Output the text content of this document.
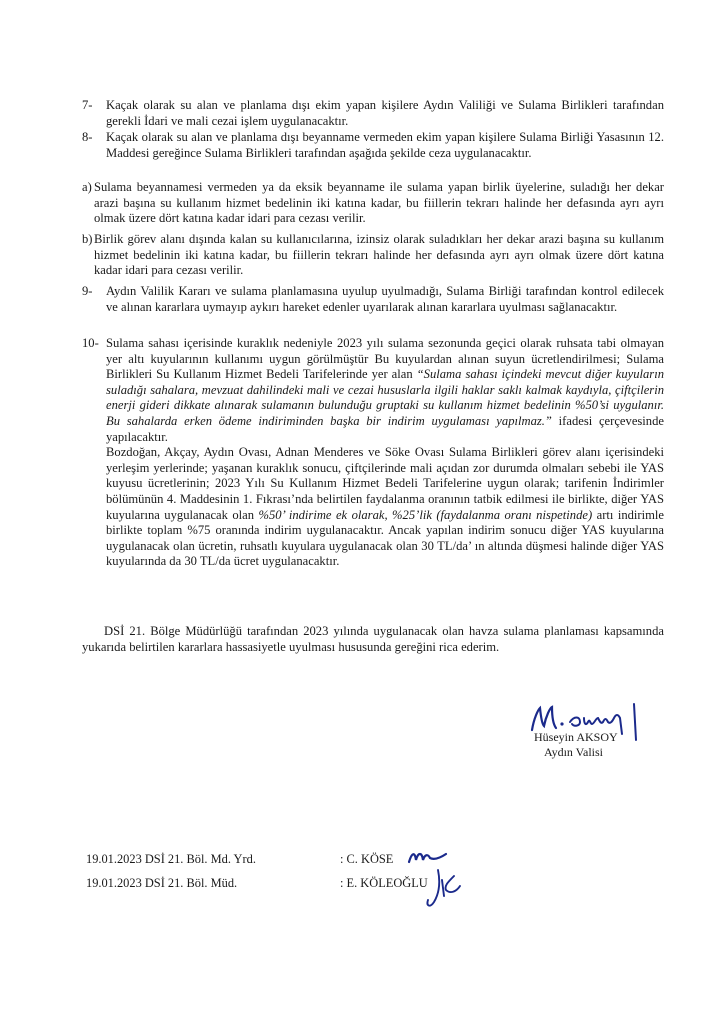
7- Kaçak olarak su alan ve planlama dışı ekim yapan kişilere Aydın Valiliği ve Sulama Birlikleri tarafından gerekli İdari ve mali cezai işlem uygulanacaktır.

8- Kaçak olarak su alan ve planlama dışı beyanname vermeden ekim yapan kişilere Sulama Birliği Yasasının 12. Maddesi gereğince Sulama Birlikleri tarafından aşağıda şekilde ceza uygulanacaktır.

a) Sulama beyannamesi vermeden ya da eksik beyanname ile sulama yapan birlik üyelerine, suladığı her dekar arazi başına su kullanım hizmet bedelinin iki katına kadar, bu fiillerin tekrarı halinde her defasında ayrı ayrı olmak üzere dört katına kadar idari para cezası verilir.

b) Birlik görev alanı dışında kalan su kullanıcılarına, izinsiz olarak suladıkları her dekar arazi başına su kullanım hizmet bedelinin iki katına kadar, bu fiillerin tekrarı halinde her defasında ayrı ayrı olmak üzere dört katına kadar idari para cezası verilir.

9- Aydın Valilik Kararı ve sulama planlamasına uyulup uyulmadığı, Sulama Birliği tarafından kontrol edilecek ve alınan kararlara uymayıp aykırı hareket edenler uyarılarak alınan kararlara uyulması sağlanacaktır.

10- Sulama sahası içerisinde kuraklık nedeniyle 2023 yılı sulama sezonunda geçici olarak ruhsata tabi olmayan yer altı kuyularının kullanımı uygun görülmüştür Bu kuyulardan alınan suyun ücretlendirilmesi; Sulama Birlikleri Su Kullanım Hizmet Bedeli Tarifelerinde yer alan “Sulama sahası içindeki mevcut diğer kuyuların suladığı sahalara, mevzuat dahilindeki mali ve cezai hususlarla ilgili haklar saklı kalmak kaydıyla, çiftçilerin enerji gideri dikkate alınarak sulamanın bulunduğu gruptaki su kullanım hizmet bedelinin %50’si uygulanır. Bu sahalarda erken ödeme indiriminden başka bir indirim uygulaması yapılmaz.” ifadesi çerçevesinde yapılacaktır.

Bozdoğan, Akçay, Aydın Ovası, Adnan Menderes ve Söke Ovası Sulama Birlikleri görev alanı içerisindeki yerleşim yerlerinde; yaşanan kuraklık sonucu, çiftçilerinde mali açıdan zor durumda olmaları sebebi ile YAS kuyusu ücretlerinin; 2023 Yılı Su Kullanım Hizmet Bedeli Tarifelerine uygun olarak; tarifenin İndirimler bölümünün 4. Maddesinin 1. Fıkrası’nda belirtilen faydalanma oranının tatbik edilmesi ile birlikte, diğer YAS kuyularına uygulanacak olan %50’ indirime ek olarak, %25’lik (faydalanma oranı nispetinde) artı indirimle birlikte toplam %75 oranında indirim uygulanacaktır. Ancak yapılan indirim sonucu diğer YAS kuyularına uygulanacak olan ücretin, ruhsatlı kuyulara uygulanacak olan 30 TL/da’ ın altında düşmesi halinde diğer YAS kuyularında da 30 TL/da ücret uygulanacaktır.

DSİ 21. Bölge Müdürlüğü tarafından 2023 yılında uygulanacak olan havza sulama planlaması kapsamında yukarıda belirtilen kararlara hassasiyetle uyulması hususunda gereğini rica ederim.

Hüseyin AKSOY
Aydın Valisi
19.01.2023 DSİ 21. Böl. Md. Yrd.	: C. KÖSE
19.01.2023 DSİ 21. Böl. Müd.	: E. KÖLEOĞLU
